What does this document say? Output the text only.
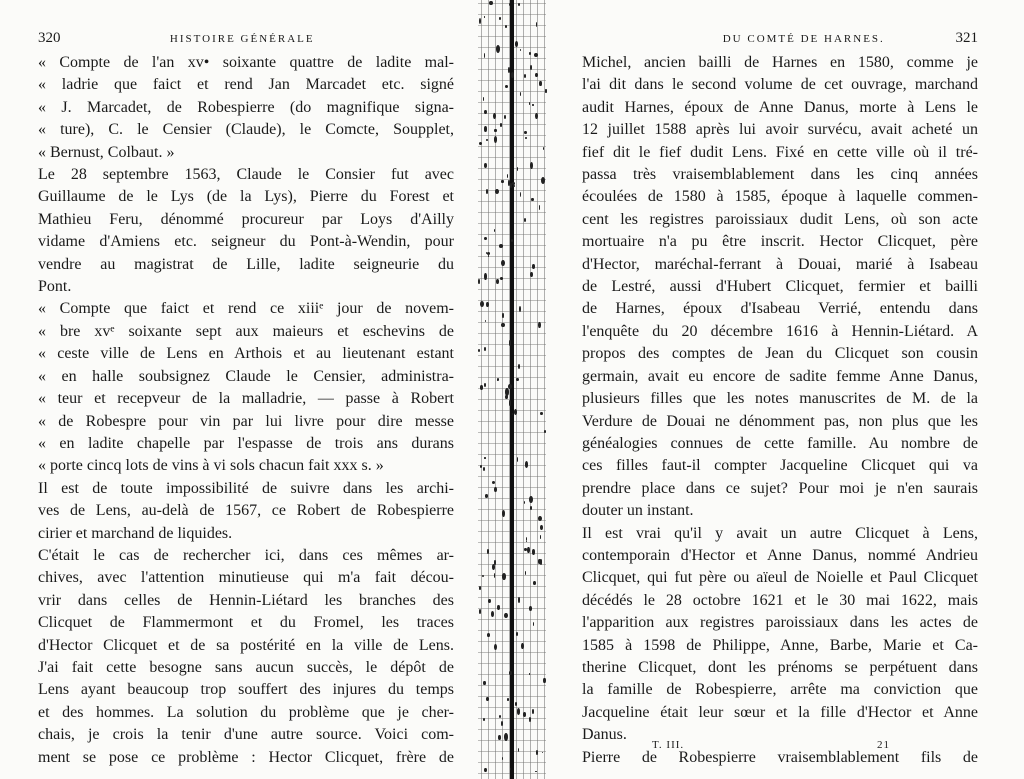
320	HISTOIRE GÉNÉRALE
« Compte de l'an xv• soixante quattre de ladite mal-
« ladrie que faict et rend Jan Marcadet etc. signé
« J. Marcadet, de Robespierre (do magnifique signa-
« ture), C. le Censier (Claude), le Comcte, Soupplet,
« Bernust, Colbaut. »
Le 28 septembre 1563, Claude le Consier fut avec
Guillaume de le Lys (de la Lys), Pierre du Forest et
Mathieu Feru, dénommé procureur par Loys d'Ailly
vidame d'Amiens etc. seigneur du Pont-à-Wendin, pour
vendre au magistrat de Lille, ladite seigneurie du
Pont.
« Compte que faict et rend ce xiiiᵉ jour de novem-
« bre xvᵉ soixante sept aux maieurs et eschevins de
« ceste ville de Lens en Arthois et au lieutenant estant
« en halle soubsignez Claude le Censier, administra-
« teur et recepveur de la malladrie, — passe à Robert
« de Robespre pour vin par lui livre pour dire messe
« en ladite chapelle par l'espasse de trois ans durans
« porte cincq lots de vins à vi sols chacun fait xxx s. »
Il est de toute impossibilité de suivre dans les archi-
ves de Lens, au-delà de 1567, ce Robert de Robespierre
cirier et marchand de liquides.
C'était le cas de rechercher ici, dans ces mêmes ar-
chives, avec l'attention minutieuse qui m'a fait décou-
vrir dans celles de Hennin-Liétard les branches des
Clicquet de Flammermont et du Fromel, les traces
d'Hector Clicquet et de sa postérité en la ville de Lens.
J'ai fait cette besogne sans aucun succès, le dépôt de
Lens ayant beaucoup trop souffert des injures du temps
et des hommes. La solution du problème que je cher-
chais, je crois la tenir d'une autre source. Voici com-
ment se pose ce problème : Hector Clicquet, frère de
DU COMTÉ DE HARNES.	321
Michel, ancien bailli de Harnes en 1580, comme je
l'ai dit dans le second volume de cet ouvrage, marchand
audit Harnes, époux de Anne Danus, morte à Lens le
12 juillet 1588 après lui avoir survécu, avait acheté un
fief dit le fief dudit Lens. Fixé en cette ville où il tré-
passa très vraisemblablement dans les cinq années
écoulées de 1580 à 1585, époque à laquelle commen-
cent les registres paroissiaux dudit Lens, où son acte
mortuaire n'a pu être inscrit. Hector Clicquet, père
d'Hector, maréchal-ferrant à Douai, marié à Isabeau
de Lestré, aussi d'Hubert Clicquet, fermier et bailli
de Harnes, époux d'Isabeau Verrié, entendu dans
l'enquête du 20 décembre 1616 à Hennin-Liétard. A
propos des comptes de Jean du Clicquet son cousin
germain, avait eu encore de sadite femme Anne Danus,
plusieurs filles que les notes manuscrites de M. de la
Verdure de Douai ne dénomment pas, non plus que les
généalogies connues de cette famille. Au nombre de
ces filles faut-il compter Jacqueline Clicquet qui va
prendre place dans ce sujet? Pour moi je n'en saurais
douter un instant.
Il est vrai qu'il y avait un autre Clicquet à Lens,
contemporain d'Hector et Anne Danus, nommé Andrieu
Clicquet, qui fut père ou aïeul de Noielle et Paul Clicquet
décédés le 28 octobre 1621 et le 30 mai 1622, mais
l'apparition aux registres paroissiaux dans les actes de
1585 à 1598 de Philippe, Anne, Barbe, Marie et Ca-
therine Clicquet, dont les prénoms se perpétuent dans
la famille de Robespierre, arrête ma conviction que
Jacqueline était leur sœur et la fille d'Hector et Anne
Danus.
Pierre de Robespierre vraisemblablement fils de
T. III.	21
